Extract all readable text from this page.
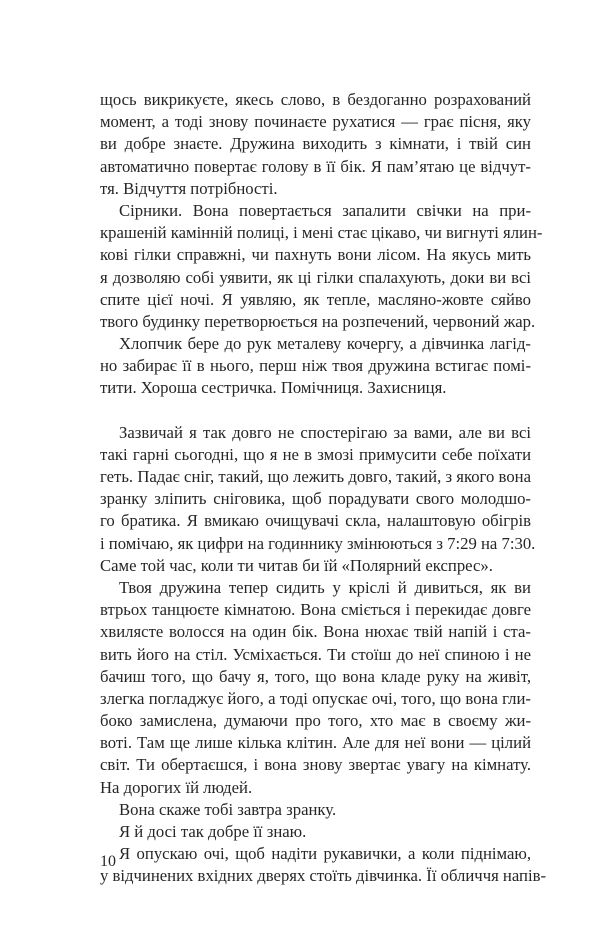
щось викрикуєте, якесь слово, в бездоганно розрахований
момент, а тоді знову починаєте рухатися — грає пісня, яку
ви добре знаєте. Дружина виходить з кімнати, і твій син
автоматично повертає голову в її бік. Я пам’ятаю це відчут-
тя. Відчуття потрібності.

Сірники. Вона повертається запалити свічки на при-
крашеній камінній полиці, і мені стає цікаво, чи вигнуті ялин-
кові гілки справжні, чи пахнуть вони лісом. На якусь мить
я дозволяю собі уявити, як ці гілки спалахують, доки ви всі
спите цієї ночі. Я уявляю, як тепле, масляно-жовте сяйво
твого будинку перетворюється на розпечений, червоний жар.

Хлопчик бере до рук металеву кочергу, а дівчинка лагід-
но забирає її в нього, перш ніж твоя дружина встигає помі-
тити. Хороша сестричка. Помічниця. Захисниця.

Зазвичай я так довго не спостерігаю за вами, але ви всі
такі гарні сьогодні, що я не в змозі примусити себе поїхати
геть. Падає сніг, такий, що лежить довго, такий, з якого вона
зранку зліпить сніговика, щоб порадувати свого молодшо-
го братика. Я вмикаю очищувачі скла, налаштовую обігрів
і помічаю, як цифри на годиннику змінюються з 7:29 на 7:30.
Саме той час, коли ти читав би їй «Полярний експрес».

Твоя дружина тепер сидить у кріслі й дивиться, як ви
втрьох танцюєте кімнатою. Вона сміється і перекидає довге
хвилясте волосся на один бік. Вона нюхає твій напій і ста-
вить його на стіл. Усміхається. Ти стоїш до неї спиною і не
бачиш того, що бачу я, того, що вона кладе руку на живіт,
злегка погладжує його, а тоді опускає очі, того, що вона гли-
боко замислена, думаючи про того, хто має в своєму жи-
воті. Там ще лише кілька клітин. Але для неї вони — цілий
світ. Ти обертаєшся, і вона знову звертає увагу на кімнату.
На дорогих їй людей.

Вона скаже тобі завтра зранку.

Я й досі так добре її знаю.

Я опускаю очі, щоб надіти рукавички, а коли піднімаю,
у відчинених вхідних дверях стоїть дівчинка. Її обличчя напів-

10
